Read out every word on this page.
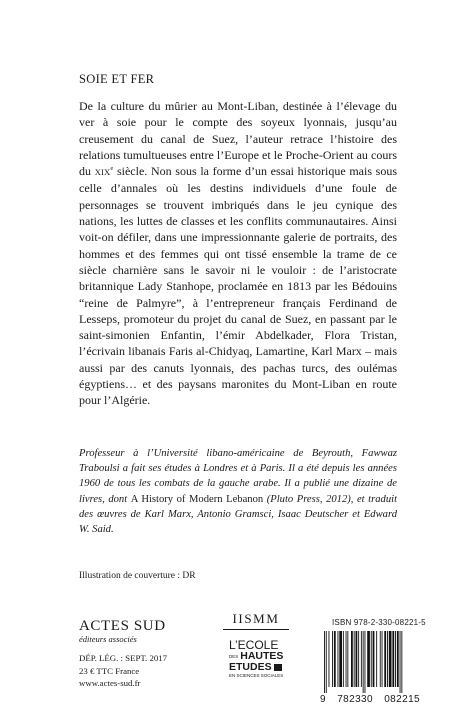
SOIE ET FER
De la culture du mûrier au Mont-Liban, destinée à l’élevage du ver à soie pour le compte des soyeux lyonnais, jusqu’au creusement du canal de Suez, l’auteur retrace l’histoire des relations tumultueuses entre l’Europe et le Proche-Orient au cours du XIXe siècle. Non sous la forme d’un essai historique mais sous celle d’annales où les destins individuels d’une foule de personnages se trouvent imbriqués dans le jeu cynique des nations, les luttes de classes et les conflits communautaires. Ainsi voit-on défiler, dans une impressionnante galerie de portraits, des hommes et des femmes qui ont tissé ensemble la trame de ce siècle charnière sans le savoir ni le vouloir : de l’aristocrate britannique Lady Stanhope, proclamée en 1813 par les Bédouins “reine de Palmyre”, à l’entrepreneur français Ferdinand de Lesseps, promoteur du projet du canal de Suez, en passant par le saint-simonien Enfantin, l’émir Abdelkader, Flora Tristan, l’écrivain libanais Faris al-Chidyaq, Lamartine, Karl Marx – mais aussi par des canuts lyonnais, des pachas turcs, des oulémas égyptiens… et des paysans maronites du Mont-Liban en route pour l’Algérie.
Professeur à l’Université libano-américaine de Beyrouth, Fawwaz Traboulsi a fait ses études à Londres et à Paris. Il a été depuis les années 1960 de tous les combats de la gauche arabe. Il a publié une dizaine de livres, dont A History of Modern Lebanon (Pluto Press, 2012), et traduit des œuvres de Karl Marx, Antonio Gramsci, Isaac Deutscher et Edward W. Said.
Illustration de couverture : DR
ACTES SUD
éditeurs associés
DÉP. LÉG. : SEPT. 2017
23 € TTC France
www.actes-sud.fr
IISMM
L’ECOLE
DES HAUTES
ETUDES
EN SCIENCES SOCIALES
ISBN 978-2-330-08221-5
9 782330 082215
